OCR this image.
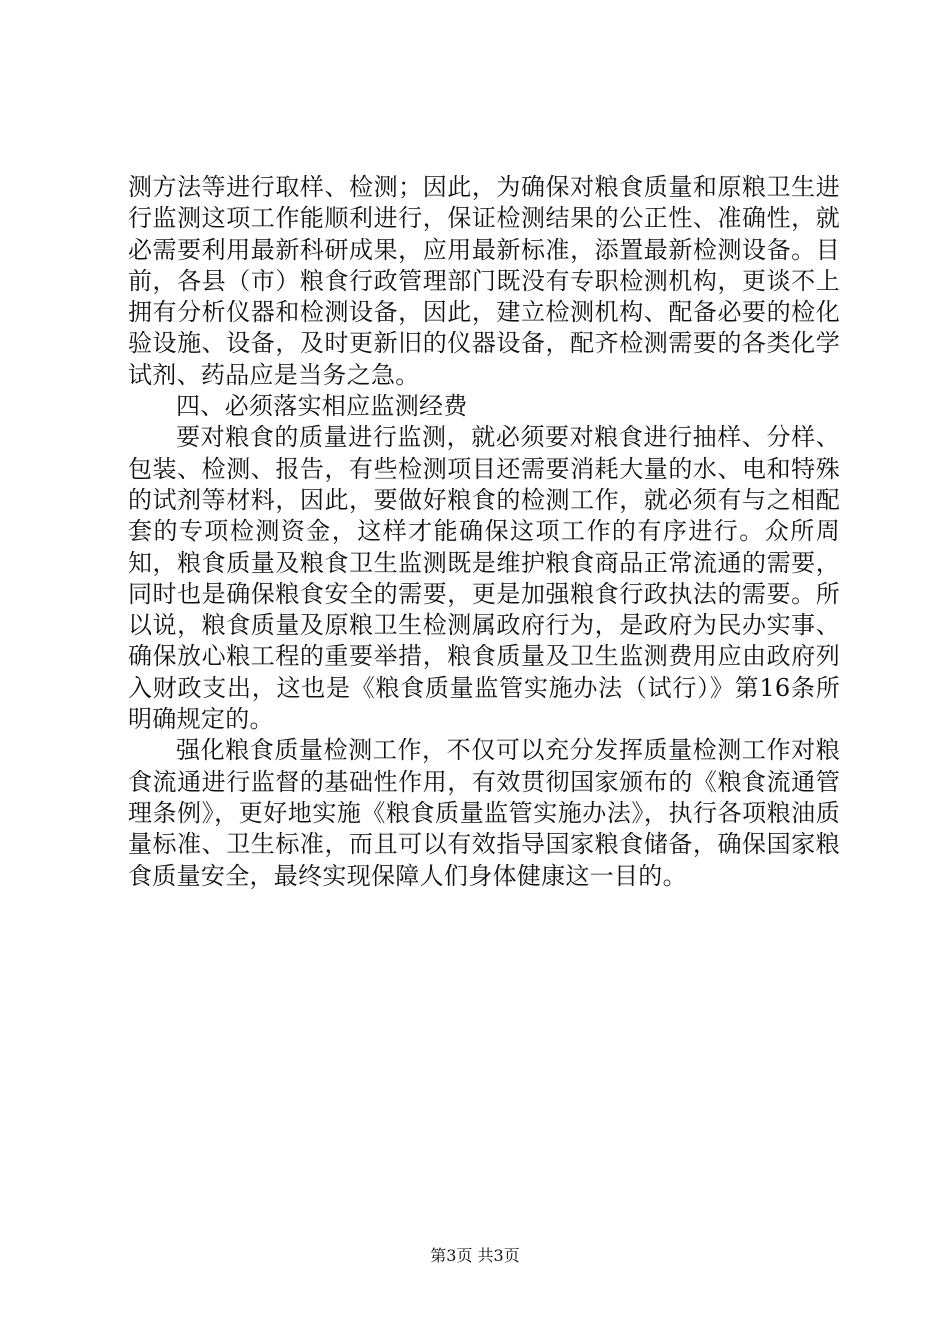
测方法等进行取样、检测；因此，为确保对粮食质量和原粮卫生进行监测这项工作能顺利进行，保证检测结果的公正性、准确性，就必需要利用最新科研成果，应用最新标准，添置最新检测设备。目前，各县（市）粮食行政管理部门既没有专职检测机构，更谈不上拥有分析仪器和检测设备，因此，建立检测机构、配备必要的检化验设施、设备，及时更新旧的仪器设备，配齐检测需要的各类化学试剂、药品应是当务之急。

四、必须落实相应监测经费

要对粮食的质量进行监测，就必须要对粮食进行抽样、分样、包装、检测、报告，有些检测项目还需要消耗大量的水、电和特殊的试剂等材料，因此，要做好粮食的检测工作，就必须有与之相配套的专项检测资金，这样才能确保这项工作的有序进行。众所周知，粮食质量及粮食卫生监测既是维护粮食商品正常流通的需要，同时也是确保粮食安全的需要，更是加强粮食行政执法的需要。所以说，粮食质量及原粮卫生检测属政府行为，是政府为民办实事、确保放心粮工程的重要举措，粮食质量及卫生监测费用应由政府列入财政支出，这也是《粮食质量监管实施办法（试行）》第16条所明确规定的。

强化粮食质量检测工作，不仅可以充分发挥质量检测工作对粮食流通进行监督的基础性作用，有效贯彻国家颁布的《粮食流通管理条例》，更好地实施《粮食质量监管实施办法》，执行各项粮油质量标准、卫生标准，而且可以有效指导国家粮食储备，确保国家粮食质量安全，最终实现保障人们身体健康这一目的。

第3页 共3页
